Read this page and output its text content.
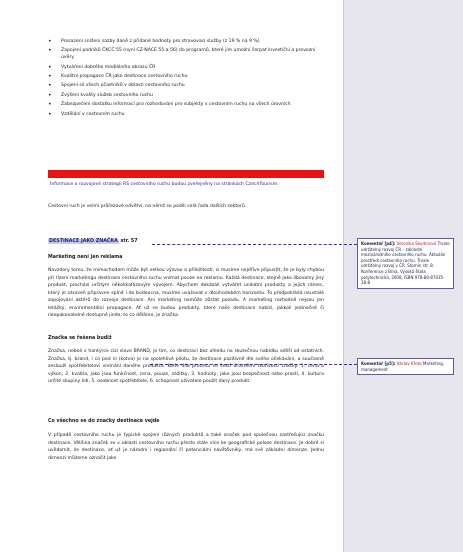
• Prosazení snížení sazby daně z přidané hodnoty pro stravovací služby (z 19 % na 9 %)
• Zapojení podniků ČKCČ 55 (nyní CZ-NACE 55 a 56) do programů, které jim umožní čerpat investiční a provozní úvěry
• Vytváření dobrého mediálního obrazu ČR
• Kvalitní propagace ČR jako destinace cestovního ruchu
• Spojení sil všech účastníků v oblasti cestovního ruchu
• Zvýšení kvality služeb cestovního ruchu
• Zabezpečení dostatku informací pro rozhodování pro subjekty v cestovním ruchu na všech úrovních
• Vzdělání v cestovním ruchu
Informace o rozvojové strategii RS cestovního ruchu budou zveřejněny na stránkách CzechTourism.

Cestovní ruch je velmi průřezové odvětví, na němž se podílí celá řada dalších sektorů.

DESTINACE JAKO ZNAČKA str. 57
Marketing není jen reklama

Navzdory tomu, že mimochodem může být velkou výzvou a příležitostí, si musíme nejdříve připustit, že je byly chybou při řízení marketingu destinace cestovního ruchu vnímat pouze na reklamu. Každá destinace, stejně jako libovolný jiný produkt, prochází určitým několikafázovým vývojem. Abychom dokázali vytvářet unikátní produkty a jejich rámec, který je zároveň připraven splnit i do budoucna, musíme uvažovat v dlouhodobém horizontu. To předpokládá neustálé zapojování aktérů do rozvoje destinace. Ani marketing nemůže zůstat pozadu. A marketing rozhodně nejsou jen letáčky, enviromentální propagace. Ať už se budou produkty, které naše destinace nabízí, jakkoli jedinečné či neopakovatelné dostupné jinde, to co děláme, je značka.

Značka se řešena budiž

Značka, nebolí v hantýrce cizí slovo BRAND, je tím, co destinaci bez ohledu na skutečnou nabídku odliší od ostatních. Značka, tj. brand, i co pod ní (kotva) je na spolehlivé pilotu, že destinace pozitivně dle svého očekávání, a současně zeslouží spotřebitelovi vnímání daného produktu. Kotle díla procesu se šesti úrovněmi tvořivosti značky: 1. cena a výkon, 2. kvalita, jako jsou funkčnost, cena, pouze, zážitky, 3. hodnoty, jako jsou bezpečnost nebo prostí, 4. kultura určité skupiny lidí, 5. osobnost spotřebitele, 6. schopnost uživatele použít daný produkt.

Co všechno se do značky destinace vejde

V případě cestovního ruchu je typické spojení různých produktů a také značek pod společnou zastřešující značku destinace. Většina značek se v oblasti cestovního ruchu přesto stále více ke geografické poloze destinace. Je dobré si uvědomit, že destinace, ať už je národní i regionální či potenciální návštěvníky, má své základní dimenze. Jednu dimenzi můžeme označit jako

Komentář [p4]: Veronika Škudrnová Trvale udržitelný rozvoj ČR – základní mezinárodního cestovního ruchu. Aktuální prostředí cestovního ruchu. Trvale udržitelný rozvoj v ČR. Stornín str. 8. Konference z Brna, Vysoká škola polytechnická, 2008, ISBN 978-80-87035-18-8
Komentář [p5]: Václav Křeta Marketing, management
